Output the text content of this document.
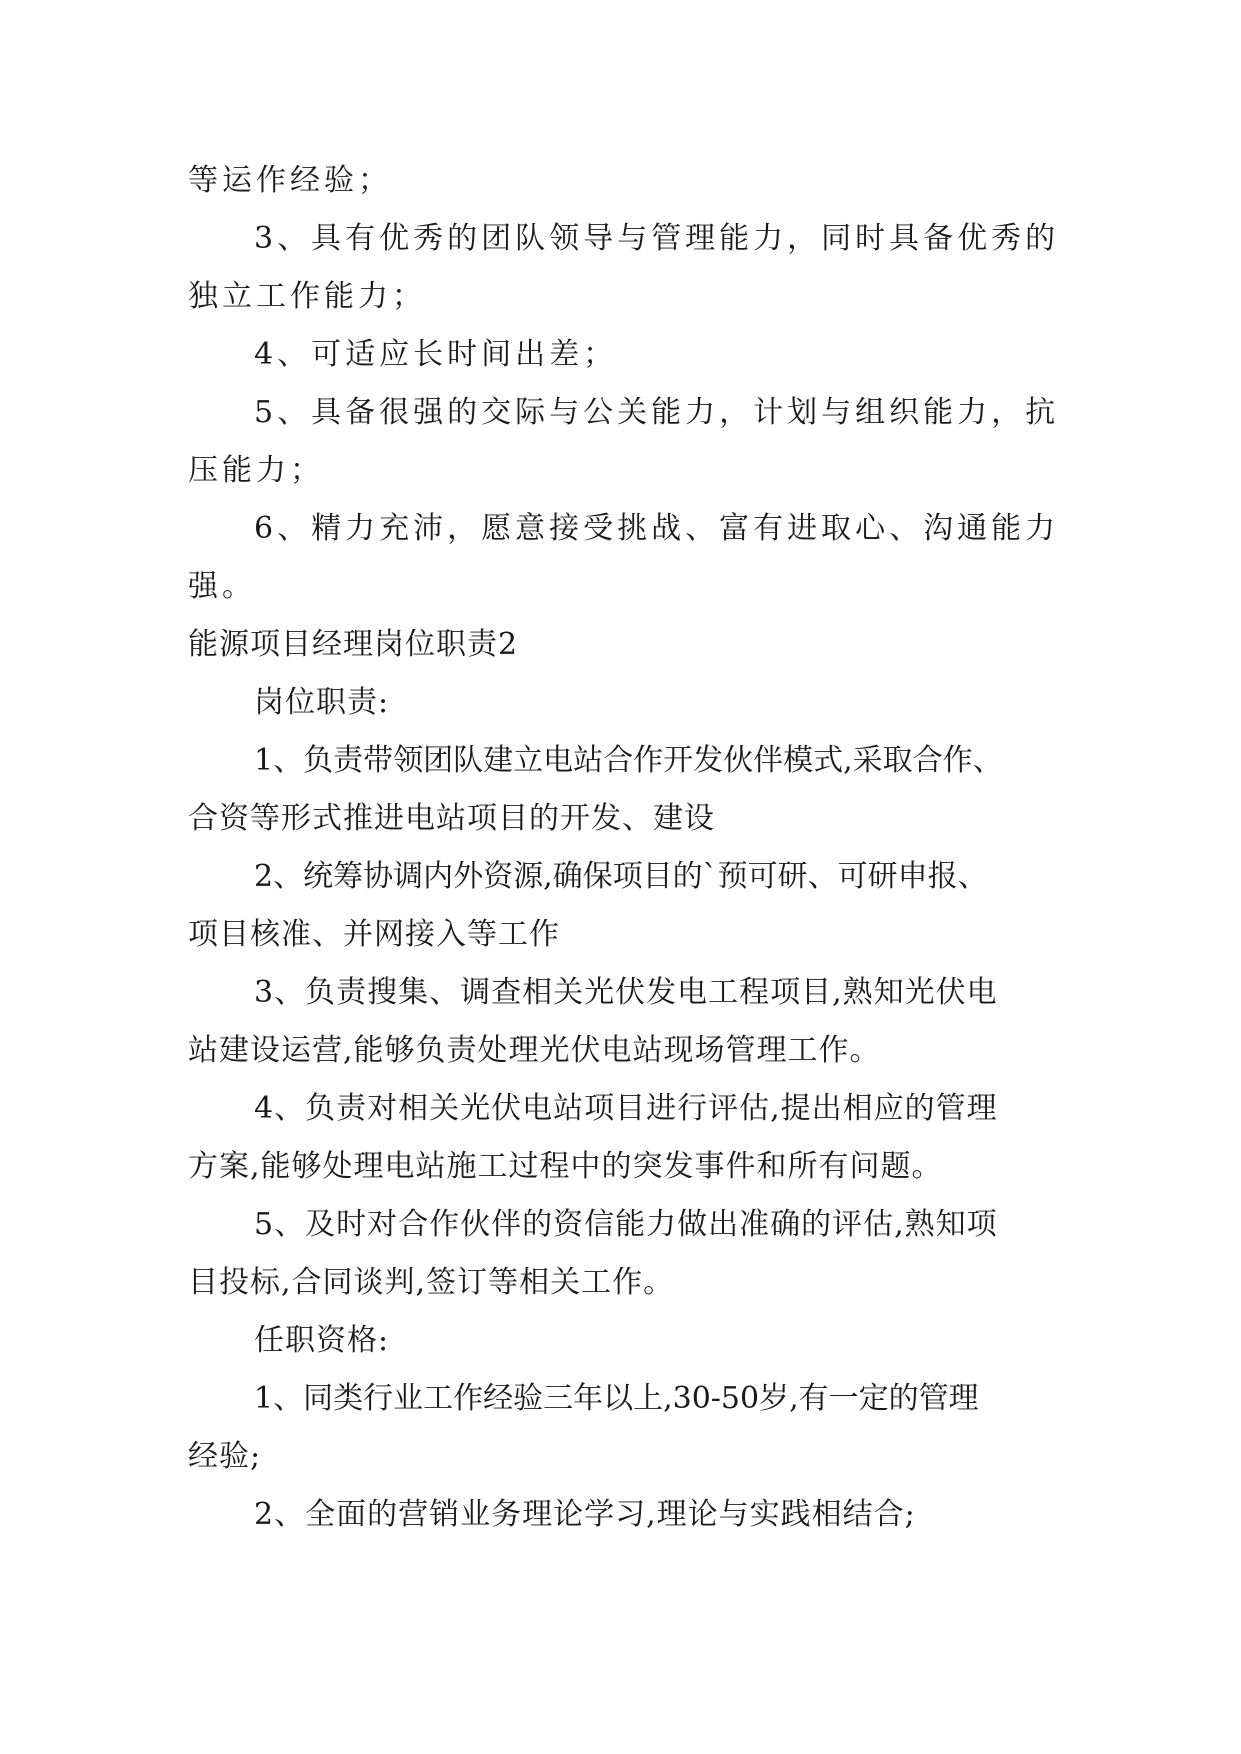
等运作经验；
3、具有优秀的团队领导与管理能力，同时具备优秀的
独立工作能力；
4、可适应长时间出差；
5、具备很强的交际与公关能力，计划与组织能力，抗
压能力；
6、精力充沛，愿意接受挑战、富有进取心、沟通能力
强。
能源项目经理岗位职责2
岗位职责:
1、负责带领团队建立电站合作开发伙伴模式,采取合作、
合资等形式推进电站项目的开发、建设
2、统筹协调内外资源,确保项目的`预可研、可研申报、
项目核准、并网接入等工作
3、负责搜集、调查相关光伏发电工程项目,熟知光伏电
站建设运营,能够负责处理光伏电站现场管理工作。
4、负责对相关光伏电站项目进行评估,提出相应的管理
方案,能够处理电站施工过程中的突发事件和所有问题。
5、及时对合作伙伴的资信能力做出准确的评估,熟知项
目投标,合同谈判,签订等相关工作。
任职资格:
1、同类行业工作经验三年以上,30-50岁,有一定的管理
经验;
2、全面的营销业务理论学习,理论与实践相结合;
